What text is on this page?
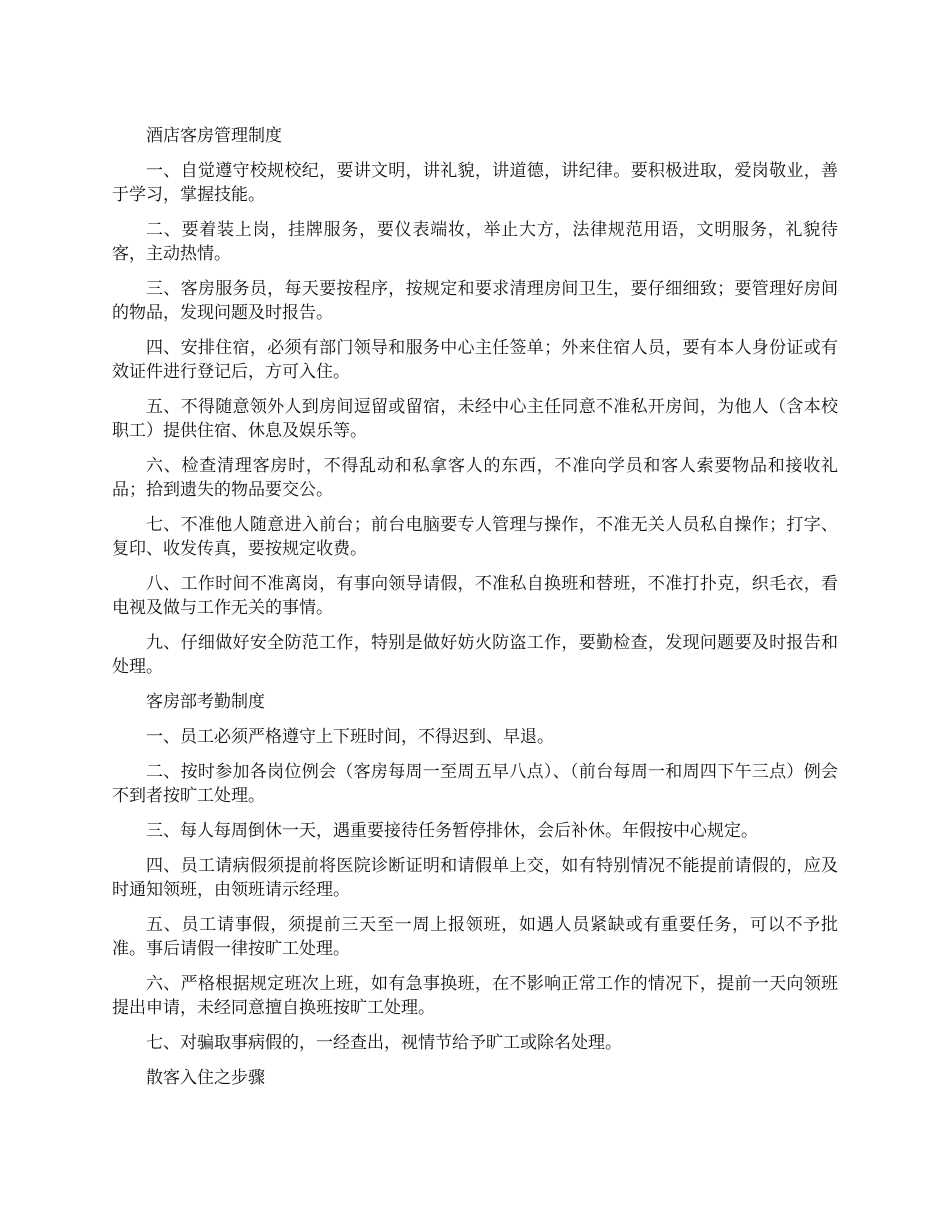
酒店客房管理制度

一、自觉遵守校规校纪，要讲文明，讲礼貌，讲道德，讲纪律。要积极进取，爱岗敬业，善于学习，掌握技能。

二、要着装上岗，挂牌服务，要仪表端妆，举止大方，法律规范用语，文明服务，礼貌待客，主动热情。

三、客房服务员，每天要按程序，按规定和要求清理房间卫生，要仔细细致；要管理好房间的物品，发现问题及时报告。

四、安排住宿，必须有部门领导和服务中心主任签单；外来住宿人员，要有本人身份证或有效证件进行登记后，方可入住。

五、不得随意领外人到房间逗留或留宿，未经中心主任同意不准私开房间，为他人（含本校职工）提供住宿、休息及娱乐等。

六、检查清理客房时，不得乱动和私拿客人的东西，不准向学员和客人索要物品和接收礼品；拾到遗失的物品要交公。

七、不准他人随意进入前台；前台电脑要专人管理与操作，不准无关人员私自操作；打字、复印、收发传真，要按规定收费。

八、工作时间不准离岗，有事向领导请假，不准私自换班和替班，不准打扑克，织毛衣，看电视及做与工作无关的事情。

九、仔细做好安全防范工作，特别是做好妨火防盗工作，要勤检查，发现问题要及时报告和处理。

客房部考勤制度

一、员工必须严格遵守上下班时间，不得迟到、早退。

二、按时参加各岗位例会（客房每周一至周五早八点）、（前台每周一和周四下午三点）例会不到者按旷工处理。

三、每人每周倒休一天，遇重要接待任务暂停排休，会后补休。年假按中心规定。

四、员工请病假须提前将医院诊断证明和请假单上交，如有特别情况不能提前请假的，应及时通知领班，由领班请示经理。

五、员工请事假，须提前三天至一周上报领班，如遇人员紧缺或有重要任务，可以不予批准。事后请假一律按旷工处理。

六、严格根据规定班次上班，如有急事换班，在不影响正常工作的情况下，提前一天向领班提出申请，未经同意擅自换班按旷工处理。

七、对骗取事病假的，一经查出，视情节给予旷工或除名处理。

散客入住之步骤
